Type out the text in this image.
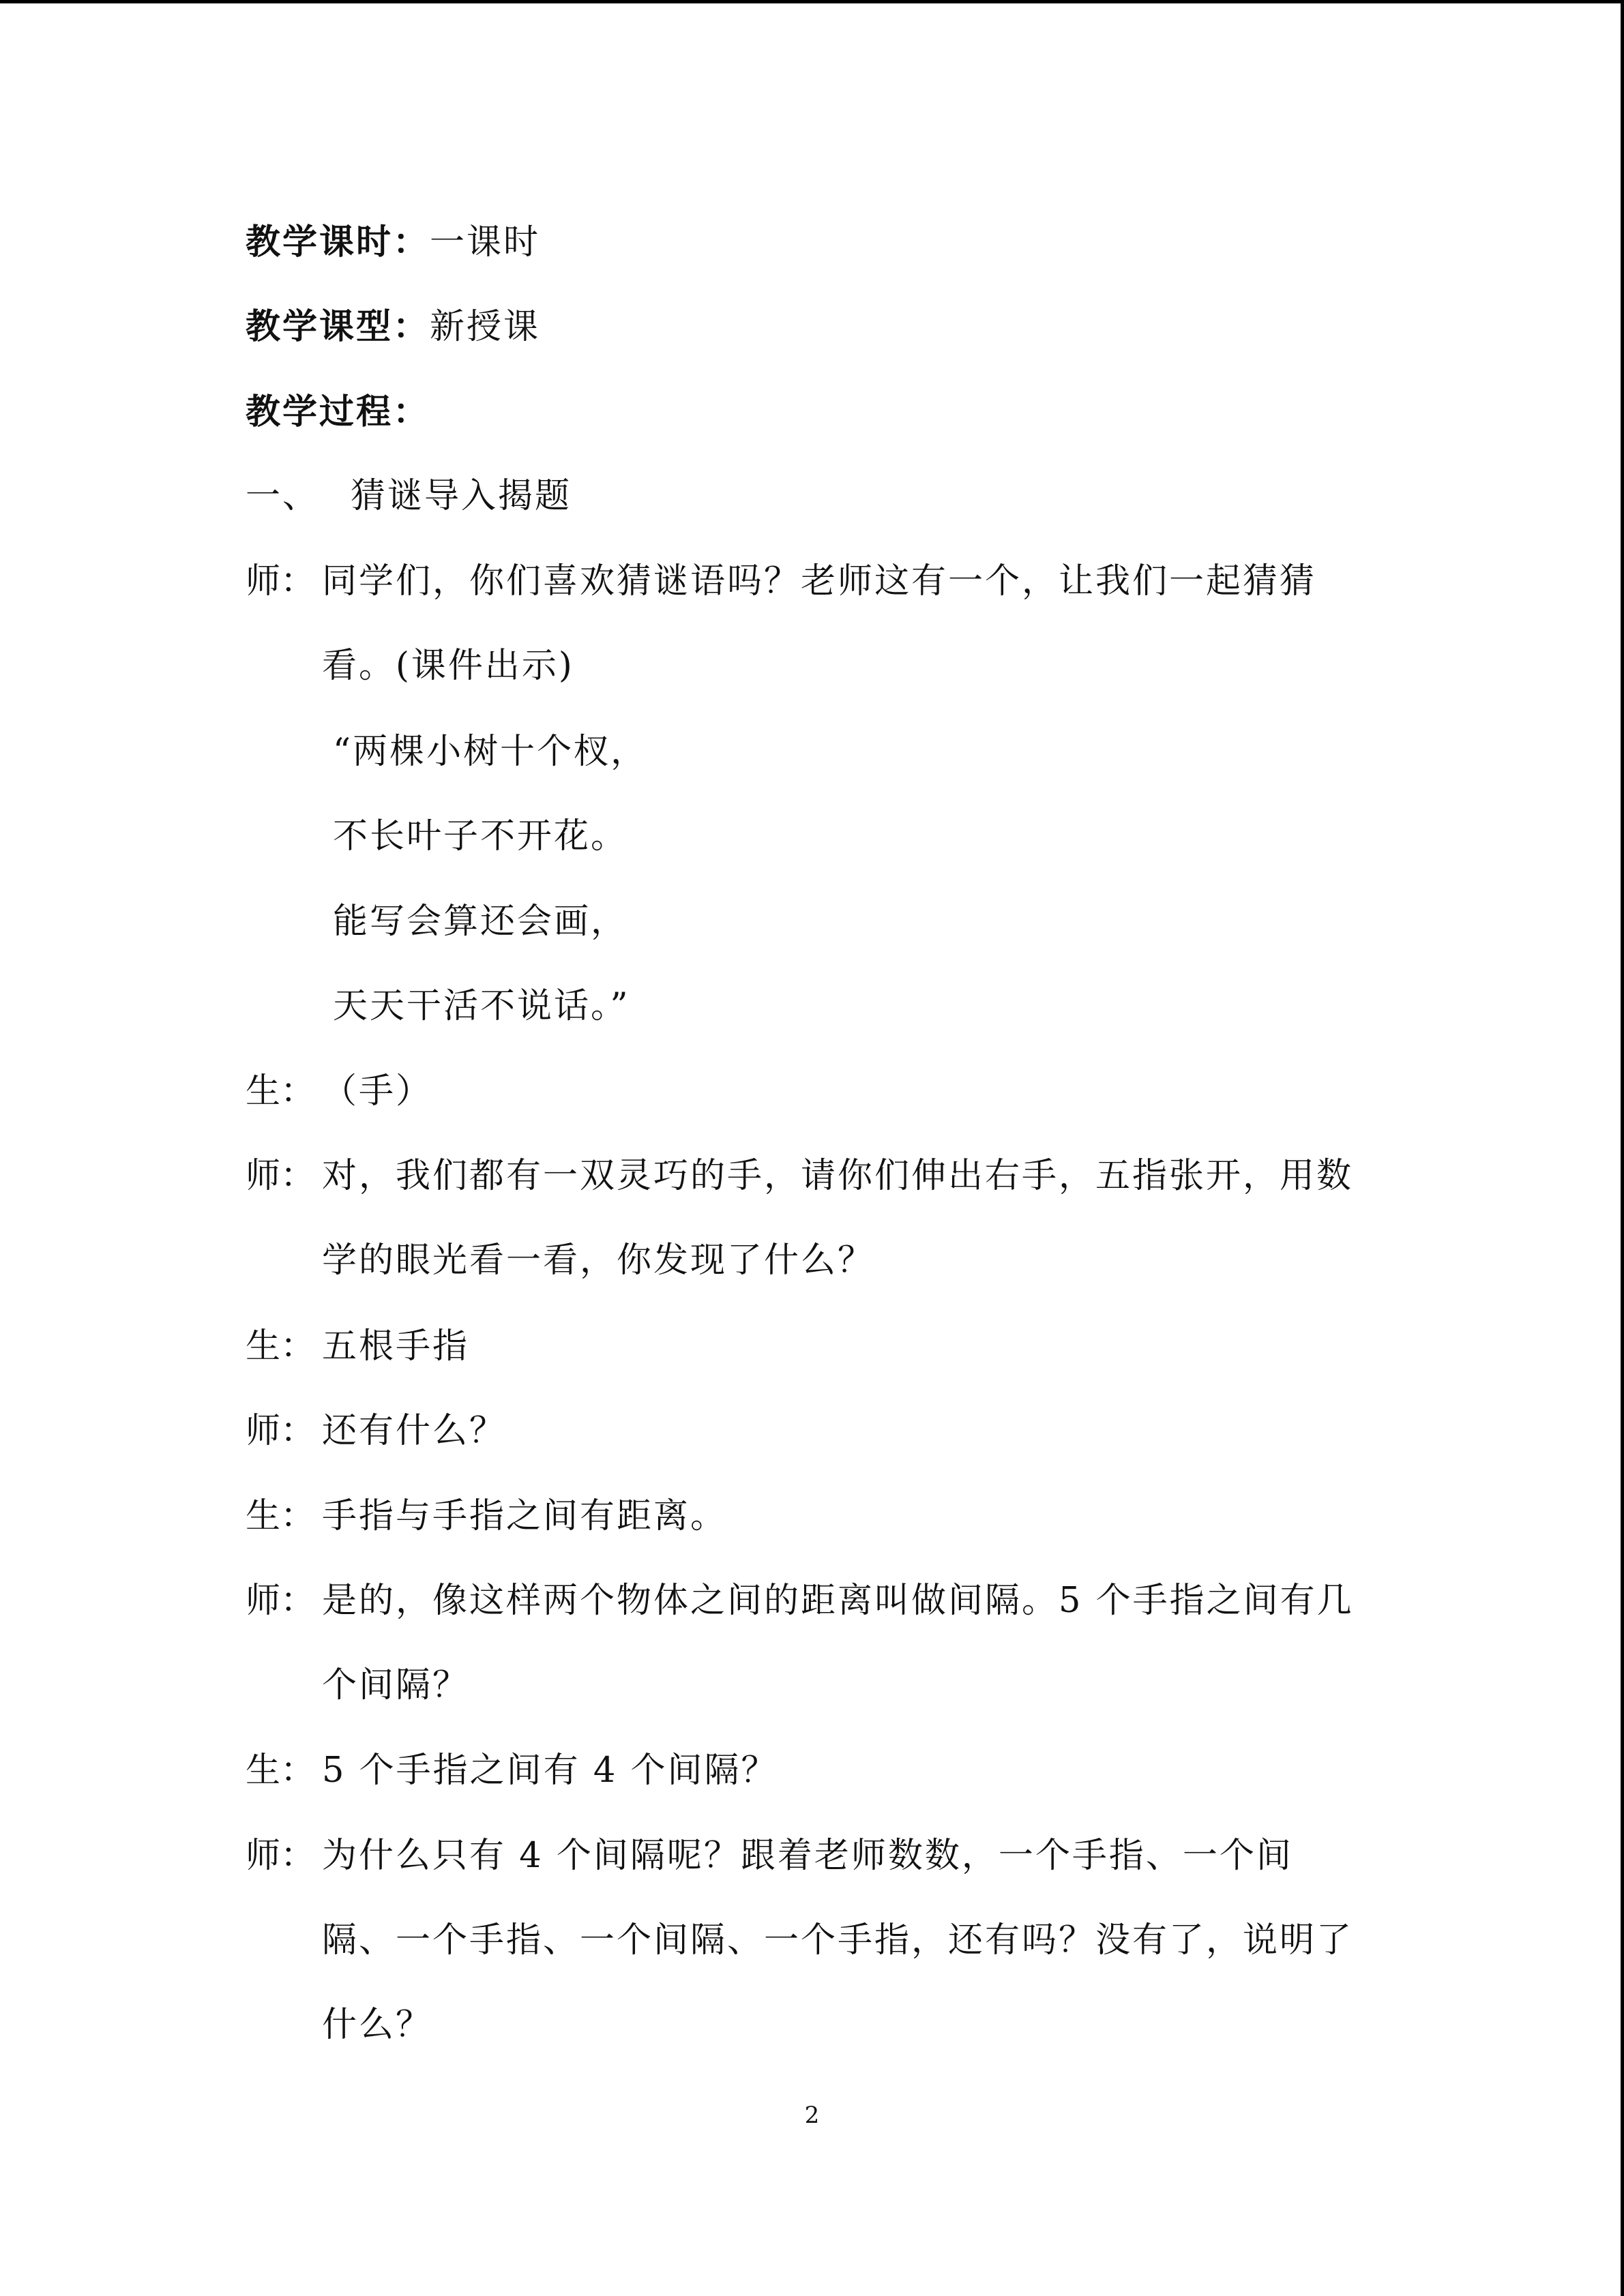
教学课时：一课时
教学课型：新授课
教学过程：
一、 猜谜导入揭题
师： 同学们，你们喜欢猜谜语吗？老师这有一个，让我们一起猜猜看。(课件出示)
“两棵小树十个杈，
不长叶子不开花。
能写会算还会画，
天天干活不说话。”
生： （手）
师： 对，我们都有一双灵巧的手，请你们伸出右手，五指张开，用数学的眼光看一看，你发现了什么？
生： 五根手指
师： 还有什么？
生： 手指与手指之间有距离。
师： 是的，像这样两个物体之间的距离叫做间隔。5 个手指之间有几个间隔？
生： 5 个手指之间有 4 个间隔？
师： 为什么只有 4 个间隔呢？跟着老师数数，一个手指、一个间隔、一个手指、一个间隔、一个手指，还有吗？没有了，说明了什么？
2
